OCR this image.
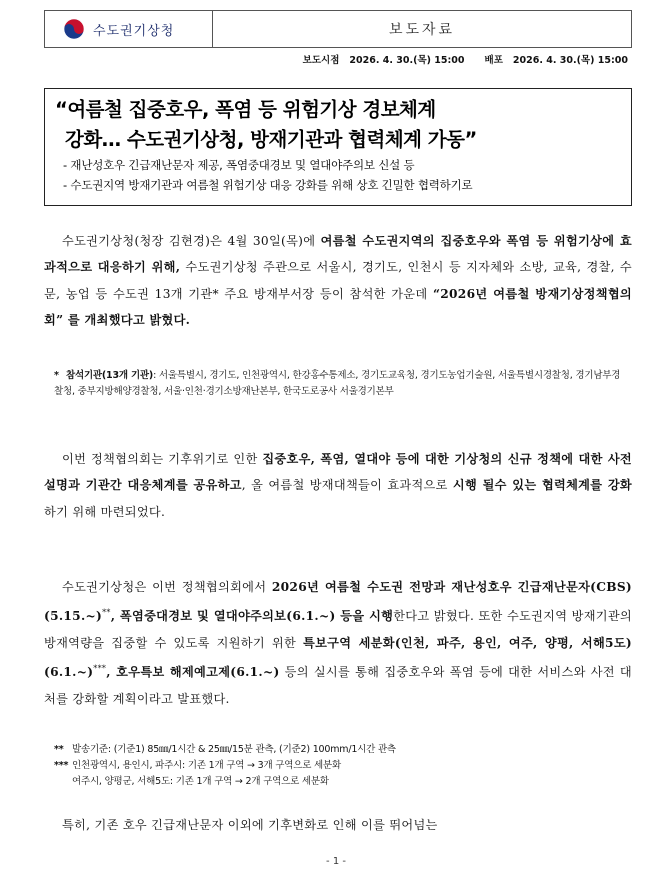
수도권기상청	보도자료
보도시점 2026. 4. 30.(목) 15:00 배포 2026. 4. 30.(목) 15:00
“여름철 집중호우, 폭염 등 위험기상 경보체계
강화… 수도권기상청, 방재기관과 협력체계 가동”
- 재난성호우 긴급재난문자 제공, 폭염중대경보 및 열대야주의보 신설 등
- 수도권지역 방재기관과 여름철 위험기상 대응 강화를 위해 상호 긴밀한 협력하기로
수도권기상청(청장 김현경)은 4월 30일(목)에 여름철 수도권지역의 집중호우와 폭염 등 위험기상에 효과적으로 대응하기 위해, 수도권기상청 주관으로 서울시, 경기도, 인천시 등 지자체와 소방, 교육, 경찰, 수문, 농업 등 수도권 13개 기관* 주요 방재부서장 등이 참석한 가운데 “2026년 여름철 방재기상정책협의회” 를 개최했다고 밝혔다.
* 참석기관(13개 기관): 서울특별시, 경기도, 인천광역시, 한강홍수통제소, 경기도교육청, 경기도농업기술원, 서울특별시경찰청, 경기남부경찰청, 중부지방해양경찰청, 서울·인천·경기소방재난본부, 한국도로공사 서울경기본부
이번 정책협의회는 기후위기로 인한 집중호우, 폭염, 열대야 등에 대한 기상청의 신규 정책에 대한 사전설명과 기관간 대응체계를 공유하고, 올 여름철 방재대책들이 효과적으로 시행 될수 있는 협력체계를 강화하기 위해 마련되었다.
수도권기상청은 이번 정책협의회에서 2026년 여름철 수도권 전망과 재난성호우 긴급재난문자(CBS)(5.15.~)**, 폭염중대경보 및 열대야주의보(6.1.~) 등을 시행한다고 밝혔다. 또한 수도권지역 방재기관의 방재역량을 집중할 수 있도록 지원하기 위한 특보구역 세분화(인천, 파주, 용인, 여주, 양평, 서해5도)(6.1.~)***, 호우특보 해제예고제(6.1.~) 등의 실시를 통해 집중호우와 폭염 등에 대한 서비스와 사전 대처를 강화할 계획이라고 발표했다.
** 발송기준: (기준1) 85㎜/1시간 & 25㎜/15분 관측, (기준2) 100mm/1시간 관측
*** 인천광역시, 용인시, 파주시: 기존 1개 구역 → 3개 구역으로 세분화
여주시, 양평군, 서해5도: 기존 1개 구역 → 2개 구역으로 세분화
특히, 기존 호우 긴급재난문자 이외에 기후변화로 인해 이를 뛰어넘는
- 1 -
